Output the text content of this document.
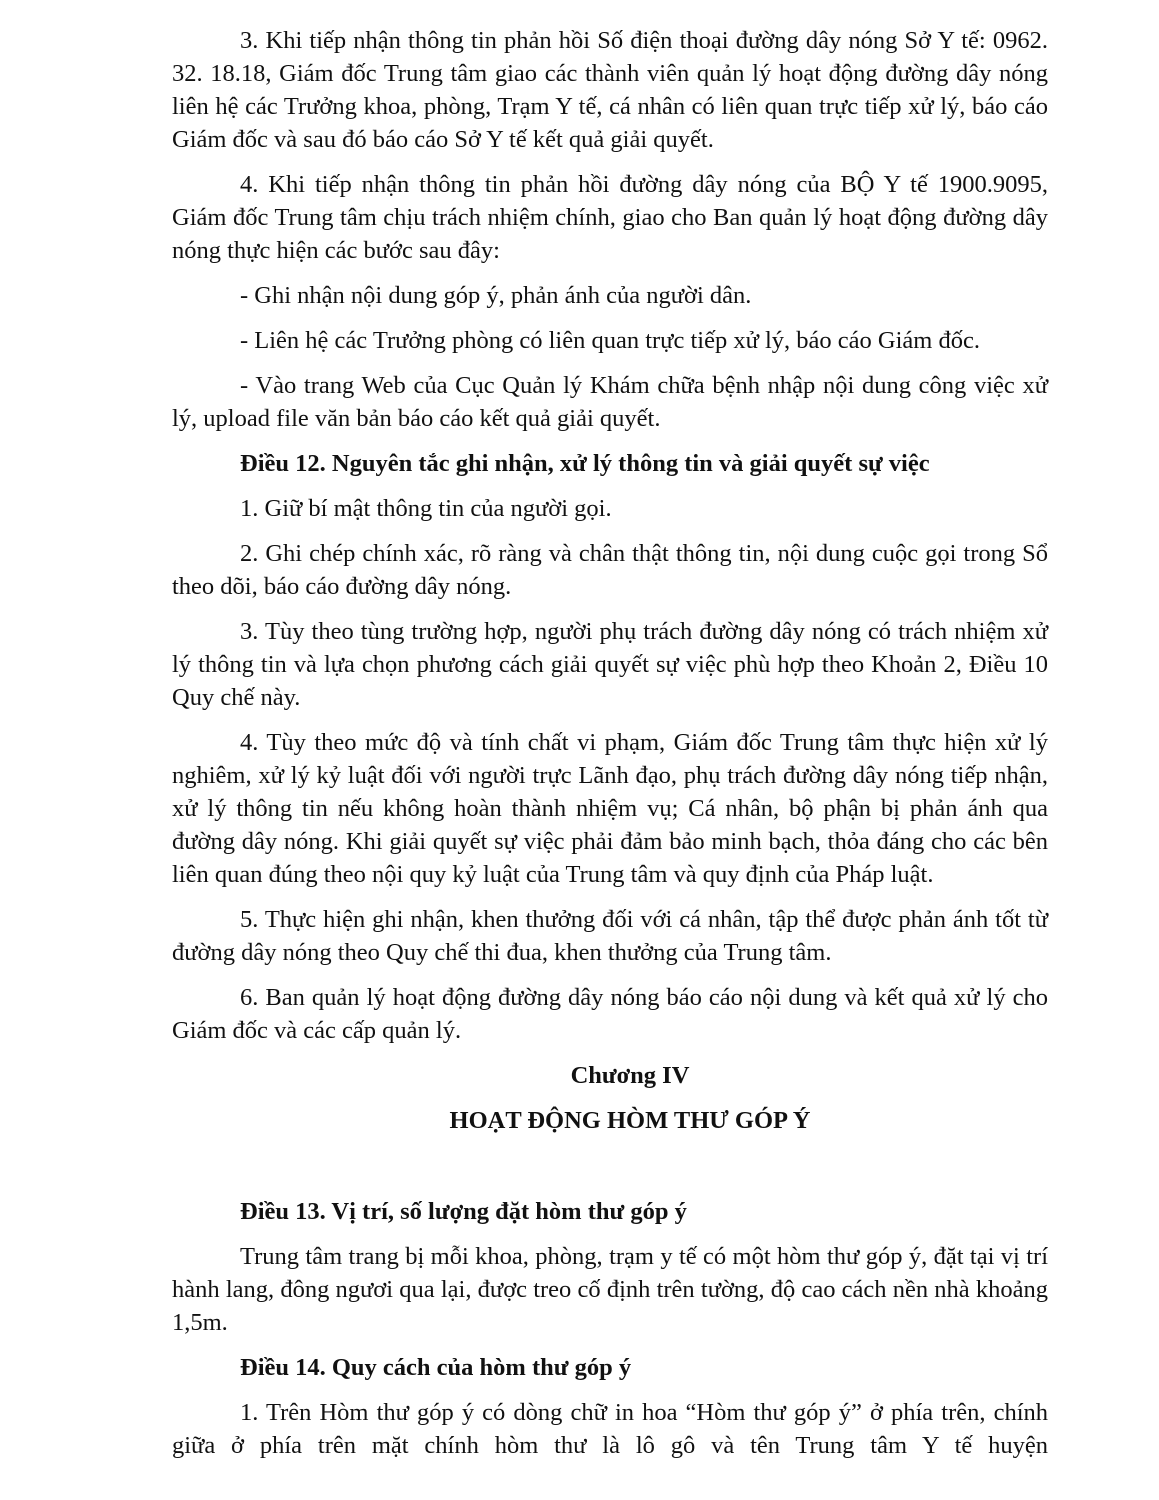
3. Khi tiếp nhận thông tin phản hồi Số điện thoại đường dây nóng Sở Y tế: 0962. 32. 18.18, Giám đốc Trung tâm giao các thành viên quản lý hoạt động đường dây nóng liên hệ các Trưởng khoa, phòng, Trạm Y tế, cá nhân có liên quan trực tiếp xử lý, báo cáo Giám đốc và sau đó báo cáo Sở Y tế kết quả giải quyết.

4. Khi tiếp nhận thông tin phản hồi đường dây nóng của BỘ Y tế 1900.9095, Giám đốc Trung tâm chịu trách nhiệm chính, giao cho Ban quản lý hoạt động đường dây nóng thực hiện các bước sau đây:

- Ghi nhận nội dung góp ý, phản ánh của người dân.

- Liên hệ các Trưởng phòng có liên quan trực tiếp xử lý, báo cáo Giám đốc.

- Vào trang Web của Cục Quản lý Khám chữa bệnh nhập nội dung công việc xử lý, upload file văn bản báo cáo kết quả giải quyết.

Điều 12. Nguyên tắc ghi nhận, xử lý thông tin và giải quyết sự việc

1. Giữ bí mật thông tin của người gọi.

2. Ghi chép chính xác, rõ ràng và chân thật thông tin, nội dung cuộc gọi trong Sổ theo dõi, báo cáo đường dây nóng.

3. Tùy theo tùng trường hợp, người phụ trách đường dây nóng có trách nhiệm xử lý thông tin và lựa chọn phương cách giải quyết sự việc phù hợp theo Khoản 2, Điều 10 Quy chế này.

4. Tùy theo mức độ và tính chất vi phạm, Giám đốc Trung tâm thực hiện xử lý nghiêm, xử lý kỷ luật đối với người trực Lãnh đạo, phụ trách đường dây nóng tiếp nhận, xử lý thông tin nếu không hoàn thành nhiệm vụ; Cá nhân, bộ phận bị phản ánh qua đường dây nóng. Khi giải quyết sự việc phải đảm bảo minh bạch, thỏa đáng cho các bên liên quan đúng theo nội quy kỷ luật của Trung tâm và quy định của Pháp luật.

5. Thực hiện ghi nhận, khen thưởng đối với cá nhân, tập thể được phản ánh tốt từ đường dây nóng theo Quy chế thi đua, khen thưởng của Trung tâm.

6. Ban quản lý hoạt động đường dây nóng báo cáo nội dung và kết quả xử lý cho Giám đốc và các cấp quản lý.

Chương IV

HOẠT ĐỘNG HÒM THƯ GÓP Ý

Điều 13. Vị trí, số lượng đặt hòm thư góp ý

Trung tâm trang bị mỗi khoa, phòng, trạm y tế có một hòm thư góp ý, đặt tại vị trí hành lang, đông ngươi qua lại, được treo cố định trên tường, độ cao cách nền nhà khoảng 1,5m.

Điều 14. Quy cách của hòm thư góp ý

1. Trên Hòm thư góp ý có dòng chữ in hoa “Hòm thư góp ý” ở phía trên, chính giữa ở phía trên mặt chính hòm thư là lô gô và tên Trung tâm Y tế huyện
